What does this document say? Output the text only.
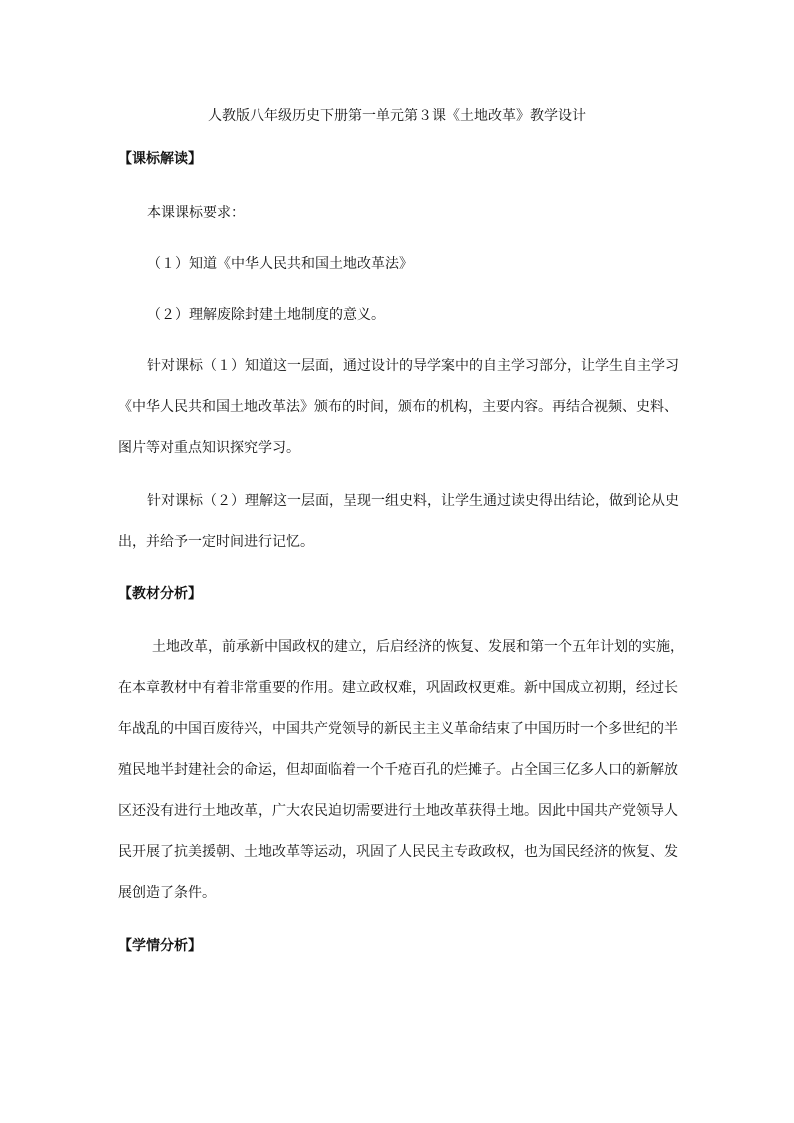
人教版八年级历史下册第一单元第３课《土地改革》教学设计
【课标解读】
本课课标要求：
（１）知道《中华人民共和国土地改革法》
（２）理解废除封建土地制度的意义。
针对课标（１）知道这一层面，通过设计的导学案中的自主学习部分，让学生自主学习
《中华人民共和国土地改革法》颁布的时间，颁布的机构，主要内容。再结合视频、史料、
图片等对重点知识探究学习。
针对课标（２）理解这一层面，呈现一组史料，让学生通过读史得出结论，做到论从史
出，并给予一定时间进行记忆。
【教材分析】
土地改革，前承新中国政权的建立，后启经济的恢复、发展和第一个五年计划的实施，
在本章教材中有着非常重要的作用。建立政权难，巩固政权更难。新中国成立初期，经过长
年战乱的中国百废待兴，中国共产党领导的新民主主义革命结束了中国历时一个多世纪的半
殖民地半封建社会的命运，但却面临着一个千疮百孔的烂摊子。占全国三亿多人口的新解放
区还没有进行土地改革，广大农民迫切需要进行土地改革获得土地。因此中国共产党领导人
民开展了抗美援朝、土地改革等运动，巩固了人民民主专政政权，也为国民经济的恢复、发
展创造了条件。
【学情分析】
